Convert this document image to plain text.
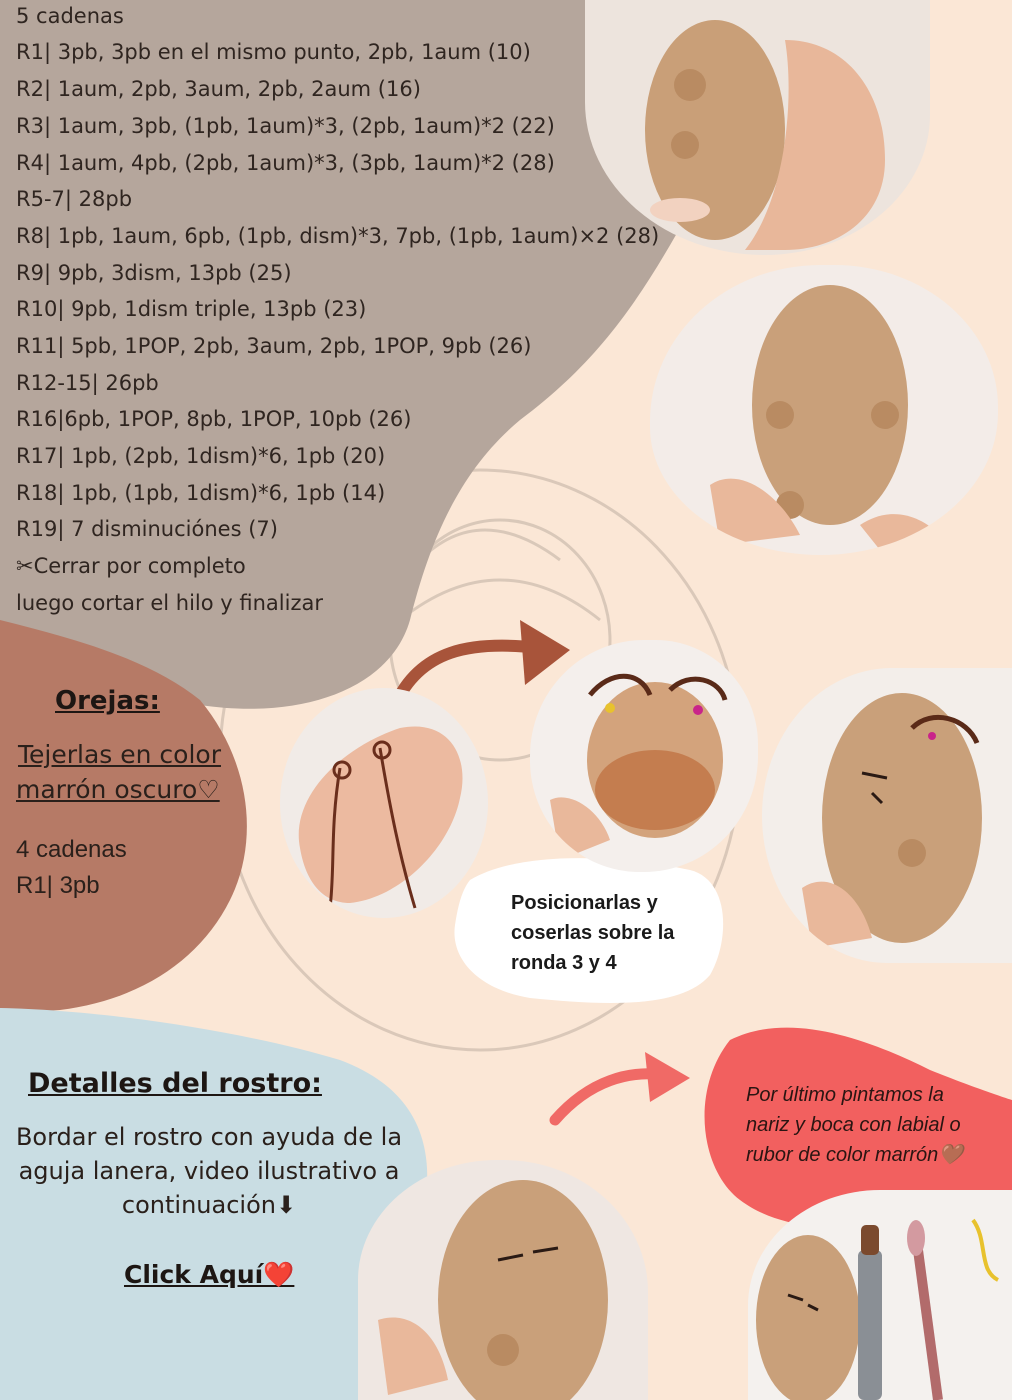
5 cadenas

R1| 3pb, 3pb en el mismo punto, 2pb, 1aum (10)

R2| 1aum, 2pb, 3aum, 2pb, 2aum (16)

R3| 1aum, 3pb, (1pb, 1aum)*3, (2pb, 1aum)*2 (22)

R4| 1aum, 4pb, (2pb, 1aum)*3, (3pb, 1aum)*2 (28)

R5-7| 28pb

R8| 1pb, 1aum, 6pb, (1pb, dism)*3, 7pb, (1pb, 1aum)×2 (28)

R9| 9pb, 3dism, 13pb (25)

R10| 9pb, 1dism triple, 13pb (23)

R11| 5pb, 1POP, 2pb, 3aum, 2pb, 1POP, 9pb (26)

R12-15| 26pb

R16|6pb, 1POP, 8pb, 1POP, 10pb (26)

R17| 1pb, (2pb, 1dism)*6, 1pb (20)

R18| 1pb, (1pb, 1dism)*6, 1pb (14)

R19| 7 disminuciónes (7)

✂Cerrar por completo

luego cortar el hilo y finalizar

Orejas:
Tejerlas en color
marrón oscuro♡
4 cadenas
R1| 3pb
Posicionarlas y
coserlas sobre la
ronda 3 y 4
Detalles del rostro:
Bordar el rostro con ayuda de la
aguja lanera, video ilustrativo a
continuación⬇
Click Aquí❤️
Por último pintamos la
nariz y boca con labial o
rubor de color marrón🤎
